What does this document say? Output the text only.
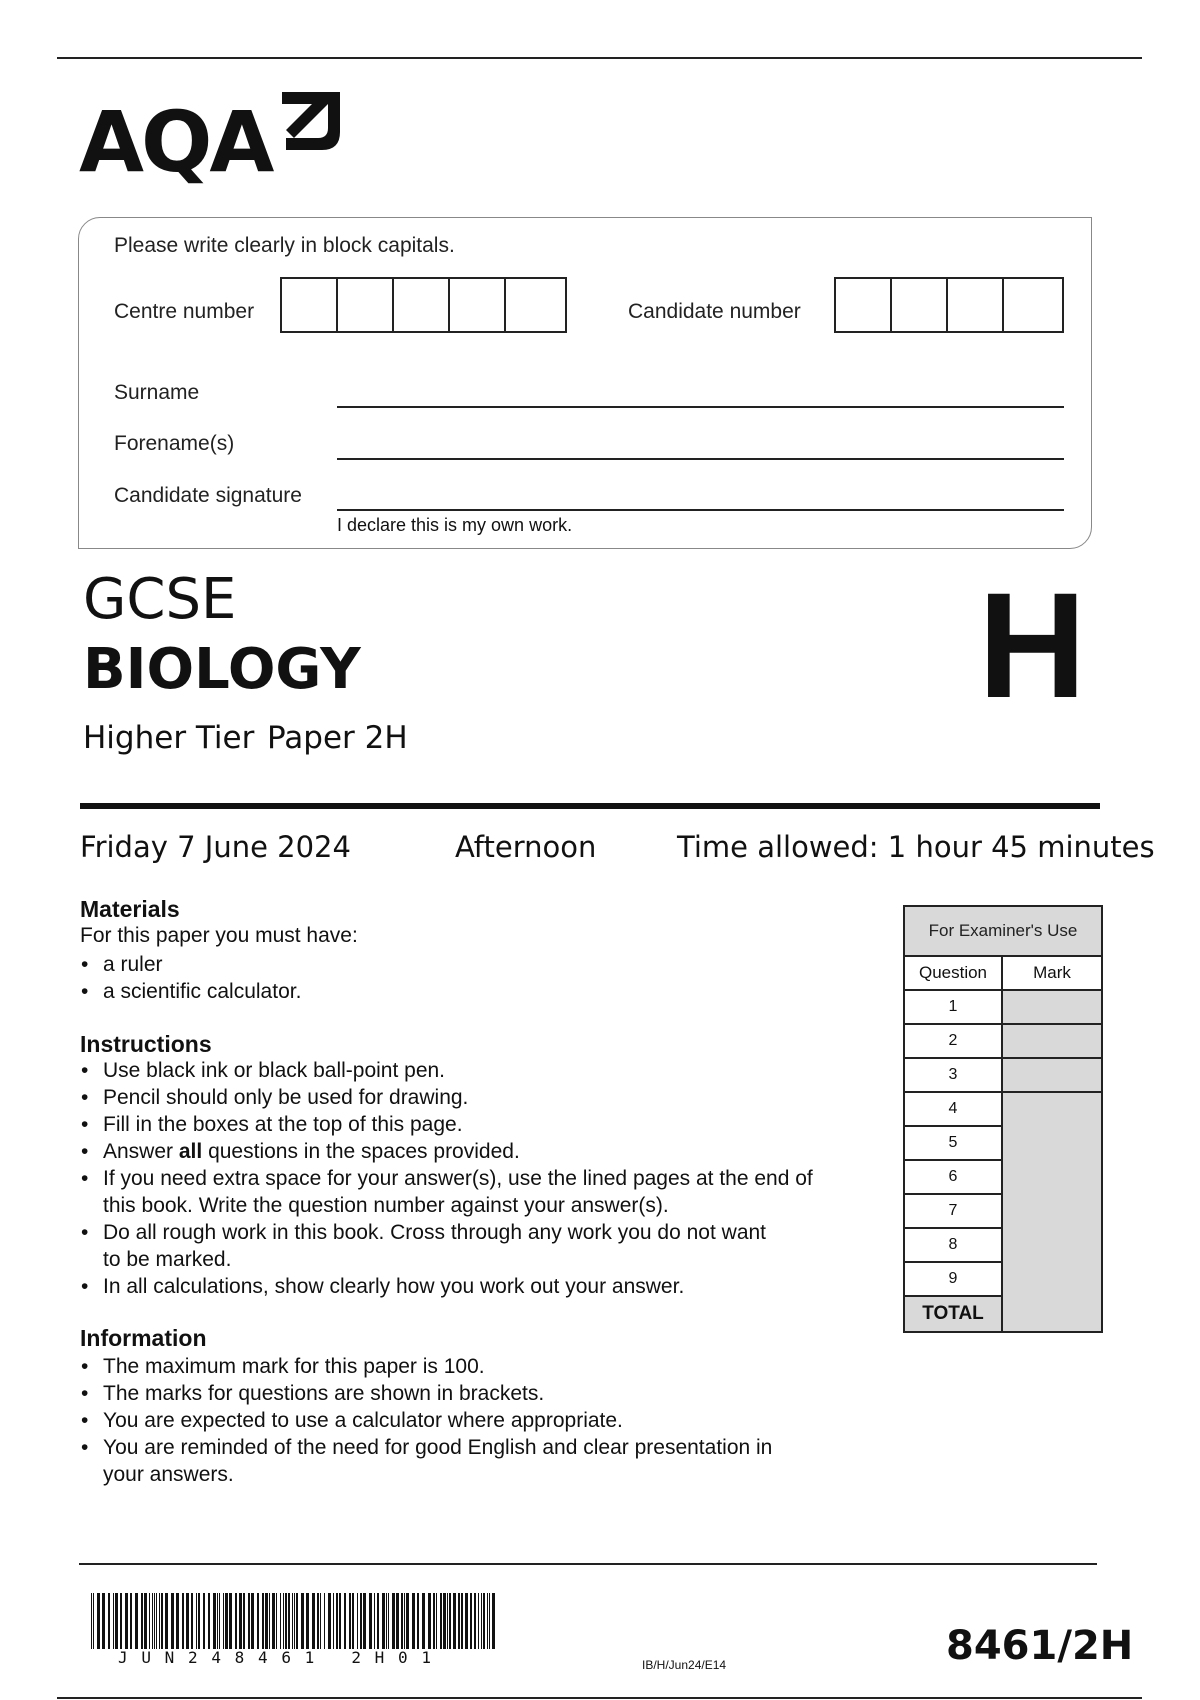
AQA
Please write clearly in block capitals.
Centre number	Candidate number
Surname
Forename(s)
Candidate signature
I declare this is my own work.
GCSE
BIOLOGY
Higher Tier Paper 2H
H
Friday 7 June 2024	Afternoon	Time allowed: 1 hour 45 minutes
Materials
For this paper you must have:
• a ruler
• a scientific calculator.
Instructions
• Use black ink or black ball-point pen.
• Pencil should only be used for drawing.
• Fill in the boxes at the top of this page.
• Answer all questions in the spaces provided.
• If you need extra space for your answer(s), use the lined pages at the end of this book. Write the question number against your answer(s).
• Do all rough work in this book. Cross through any work you do not want to be marked.
• In all calculations, show clearly how you work out your answer.
Information
• The maximum mark for this paper is 100.
• The marks for questions are shown in brackets.
• You are expected to use a calculator where appropriate.
• You are reminded of the need for good English and clear presentation in your answers.
For Examiner's Use
Question	Mark
1
2
3
4
5
6
7
8
9
TOTAL
JUN248461 2H01	IB/H/Jun24/E14	8461/2H
